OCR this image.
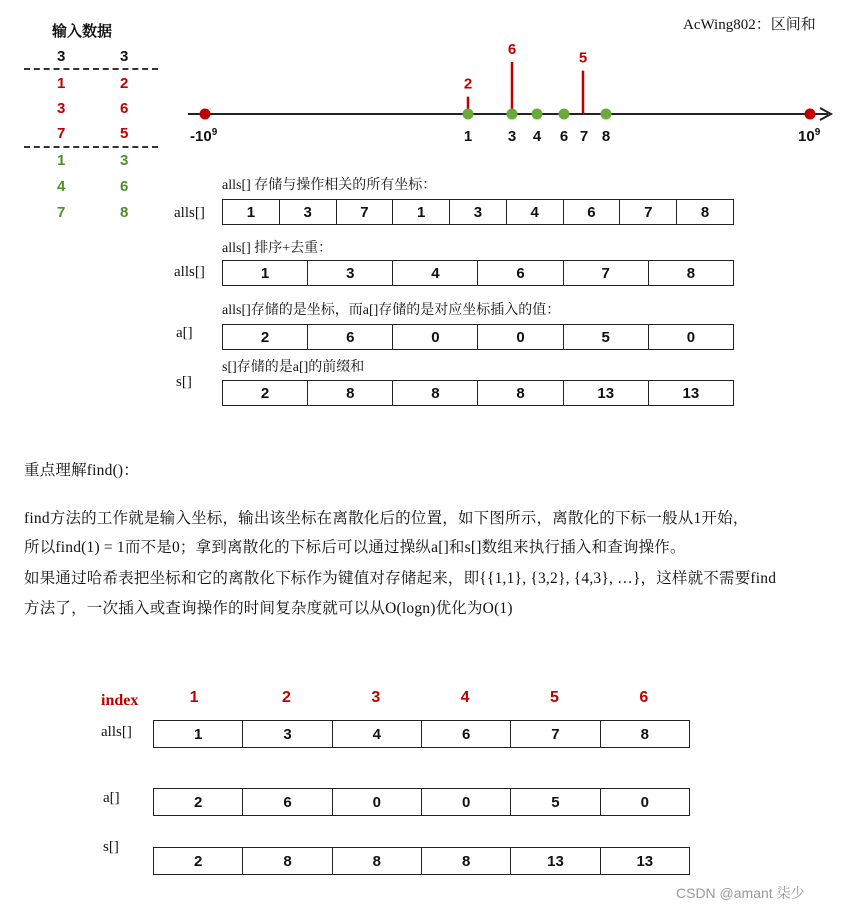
输入数据	AcWing802：区间和
3	3
1	2
3	6
7	5
1	3
4	6
7	8
2
1
6
3 4 6
5
7 8
$-10^9$	$10^9$
alls[] 存储与操作相关的所有坐标：
alls[]	1	3	7	1	3	4	6	7	8
alls[] 排序+去重：
alls[]	1	3	4	6	7	8
alls[]存储的是坐标，而a[]存储的是对应坐标插入的值：
a[]	2	6	0	0	5	0
s[]存储的是a[]的前缀和
s[]
2	8	8	8	13	13
重点理解find()：
find方法的工作就是输入坐标，输出该坐标在离散化后的位置，如下图所示，离散化的下标一般从1开始，
所以find(1) = 1而不是0；拿到离散化的下标后可以通过操纵a[]和s[]数组来执行插入和查询操作。
如果通过哈希表把坐标和它的离散化下标作为键值对存储起来，即{{1,1}, {3,2}, {4,3}, …}，这样就不需要find
方法了，一次插入或查询操作的时间复杂度就可以从O(logn)优化为O(1)
index	1	2	3	4	5	6
alls[]	1	3	4	6	7	8
a[]	2	6	0	0	5	0
s[]
2	8	8	8	13	13
CSDN @amant 柒少
